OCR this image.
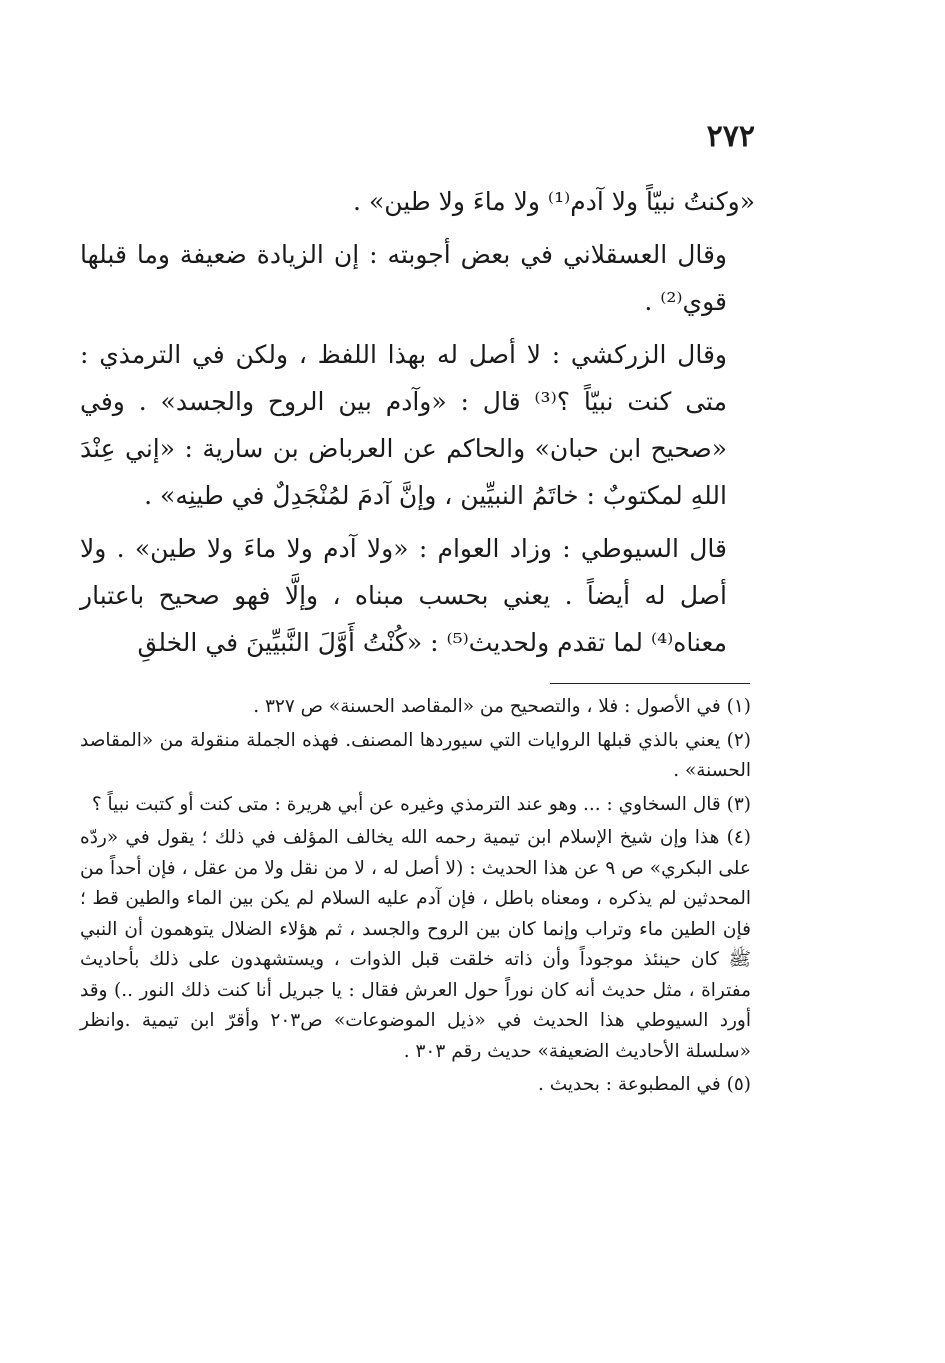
٢٧٢

«وكنتُ نبيّاً ولا آدم⁽¹⁾ ولا ماءَ ولا طين» .

وقال العسقلاني في بعض أجوبته : إن الزيادة ضعيفة وما قبلها قوي⁽²⁾ .

وقال الزركشي : لا أصل له بهذا اللفظ ، ولكن في الترمذي : متى كنت نبيّاً ؟⁽³⁾ قال : «وآدم بين الروح والجسد» . وفي «صحيح ابن حبان» والحاكم عن العرباض بن سارية : «إني عِنْدَ اللهِ لمكتوبٌ : خاتَمُ النبيِّين ، وإنَّ آدمَ لمُنْجَدِلٌ في طينِه» .

قال السيوطي : وزاد العوام : «ولا آدم ولا ماءَ ولا طين» . ولا أصل له أيضاً . يعني بحسب مبناه ، وإلَّا فهو صحيح باعتبار معناه⁽⁴⁾ لما تقدم ولحديث⁽⁵⁾ : «كُنْتُ أَوَّلَ النَّبيِّينَ في الخلقِ

(١) في الأصول : فلا ، والتصحيح من «المقاصد الحسنة» ص ٣٢٧ .

(٢) يعني بالذي قبلها الروايات التي سيوردها المصنف. فهذه الجملة منقولة من «المقاصد الحسنة» .

(٣) قال السخاوي : ... وهو عند الترمذي وغيره عن أبي هريرة : متى كنت أو كتبت نبياً ؟

(٤) هذا وإن شيخ الإسلام ابن تيمية رحمه الله يخالف المؤلف في ذلك ؛ يقول في «ردّه على البكري» ص ٩ عن هذا الحديث : (لا أصل له ، لا من نقل ولا من عقل ، فإن أحداً من المحدثين لم يذكره ، ومعناه باطل ، فإن آدم عليه السلام لم يكن بين الماء والطين قط ؛ فإن الطين ماء وتراب وإنما كان بين الروح والجسد ، ثم هؤلاء الضلال يتوهمون أن النبي ﷺ كان حينئذ موجوداً وأن ذاته خلقت قبل الذوات ، ويستشهدون على ذلك بأحاديث مفتراة ، مثل حديث أنه كان نوراً حول العرش فقال : يا جبريل أنا كنت ذلك النور ..) وقد أورد السيوطي هذا الحديث في «ذيل الموضوعات» ص٢٠٣ وأقرّ ابن تيمية .وانظر «سلسلة الأحاديث الضعيفة» حديث رقم ٣٠٣ .

(٥) في المطبوعة : بحديث .
